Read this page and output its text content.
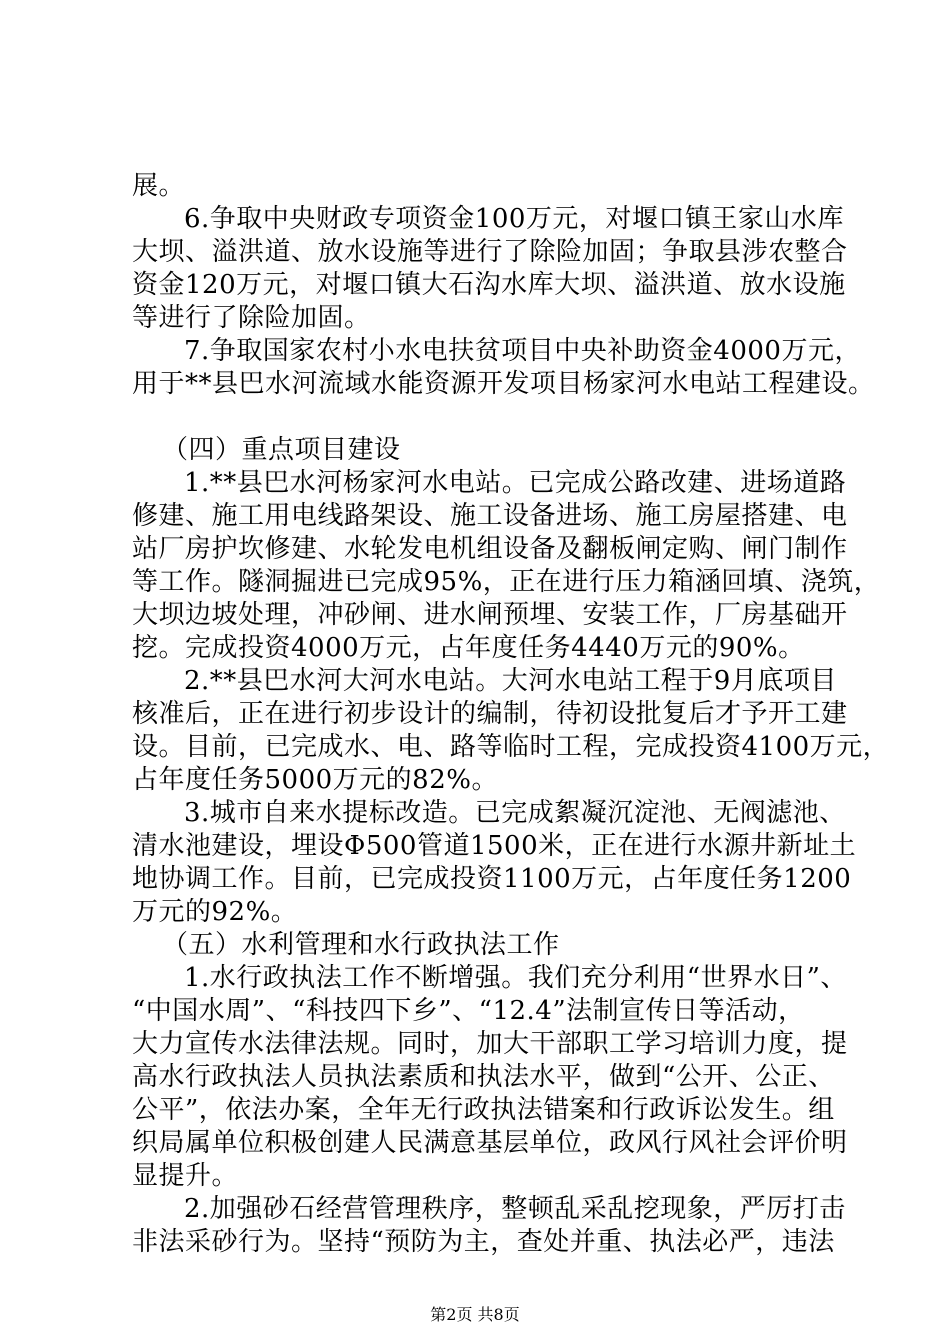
展。
6.争取中央财政专项资金100万元，对堰口镇王家山水库
大坝、溢洪道、放水设施等进行了除险加固；争取县涉农整合
资金120万元，对堰口镇大石沟水库大坝、溢洪道、放水设施
等进行了除险加固。
7.争取国家农村小水电扶贫项目中央补助资金4000万元，
用于**县巴水河流域水能资源开发项目杨家河水电站工程建设。
（四）重点项目建设
1.**县巴水河杨家河水电站。已完成公路改建、进场道路
修建、施工用电线路架设、施工设备进场、施工房屋搭建、电
站厂房护坎修建、水轮发电机组设备及翻板闸定购、闸门制作
等工作。隧洞掘进已完成95%，正在进行压力箱涵回填、浇筑，
大坝边坡处理，冲砂闸、进水闸预埋、安装工作，厂房基础开
挖。完成投资4000万元，占年度任务4440万元的90%。
2.**县巴水河大河水电站。大河水电站工程于9月底项目
核准后，正在进行初步设计的编制，待初设批复后才予开工建
设。目前，已完成水、电、路等临时工程，完成投资4100万元，
占年度任务5000万元的82%。
3.城市自来水提标改造。已完成絮凝沉淀池、无阀滤池、
清水池建设，埋设Φ500管道1500米，正在进行水源井新址土
地协调工作。目前，已完成投资1100万元，占年度任务1200
万元的92%。
（五）水利管理和水行政执法工作
1.水行政执法工作不断增强。我们充分利用“世界水日”、
“中国水周”、“科技四下乡”、“12.4”法制宣传日等活动，
大力宣传水法律法规。同时，加大干部职工学习培训力度，提
高水行政执法人员执法素质和执法水平，做到“公开、公正、
公平”，依法办案，全年无行政执法错案和行政诉讼发生。组
织局属单位积极创建人民满意基层单位，政风行风社会评价明
显提升。
2.加强砂石经营管理秩序，整顿乱采乱挖现象，严厉打击
非法采砂行为。坚持“预防为主，查处并重、执法必严，违法
第2页 共8页
